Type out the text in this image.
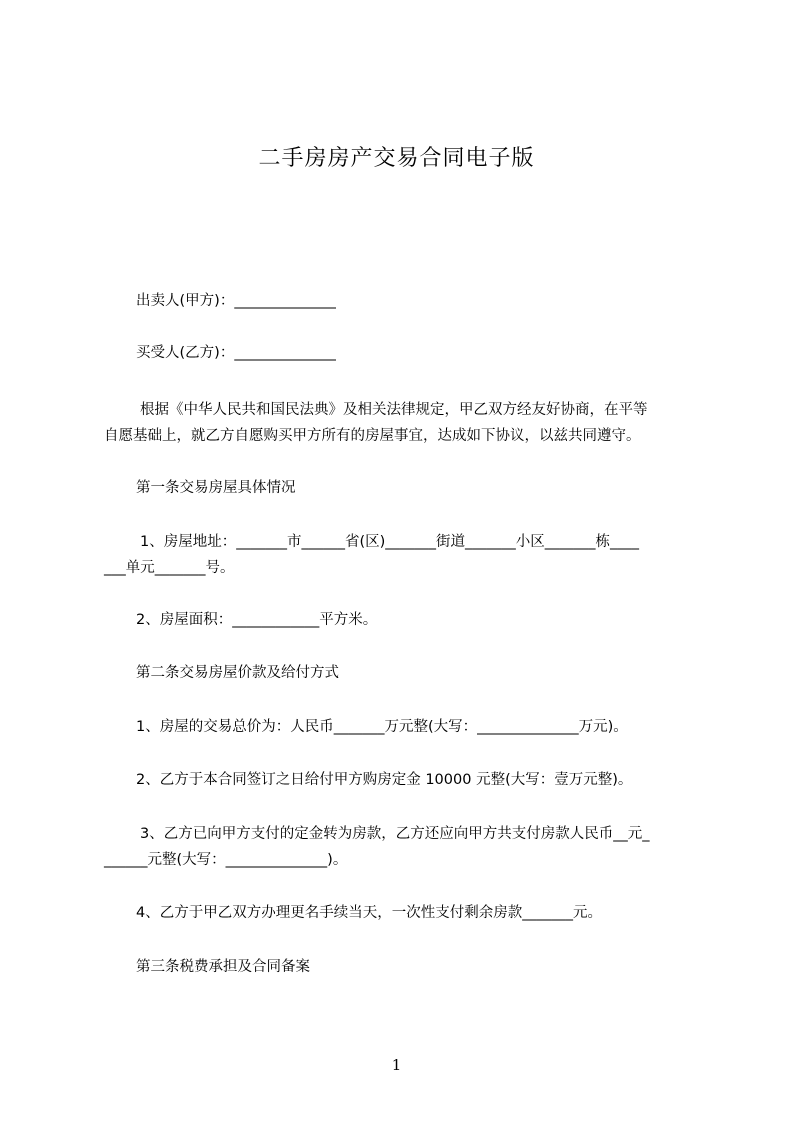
二手房房产交易合同电子版
出卖人(甲方)：______________
买受人(乙方)：______________
根据《中华人民共和国民法典》及相关法律规定，甲乙双方经友好协商，在平等
自愿基础上，就乙方自愿购买甲方所有的房屋事宜，达成如下协议，以兹共同遵守。
第一条交易房屋具体情况
1、房屋地址：_______市______省(区)_______街道_______小区_______栋____
___单元_______号。
2、房屋面积：____________平方米。
第二条交易房屋价款及给付方式
1、房屋的交易总价为：人民币_______万元整(大写：______________万元)。
2、乙方于本合同签订之日给付甲方购房定金 10000 元整(大写：壹万元整)。
3、乙方已向甲方支付的定金转为房款，乙方还应向甲方共支付房款人民币__元_
______元整(大写：______________)。
4、乙方于甲乙双方办理更名手续当天，一次性支付剩余房款_______元。
第三条税费承担及合同备案
1
